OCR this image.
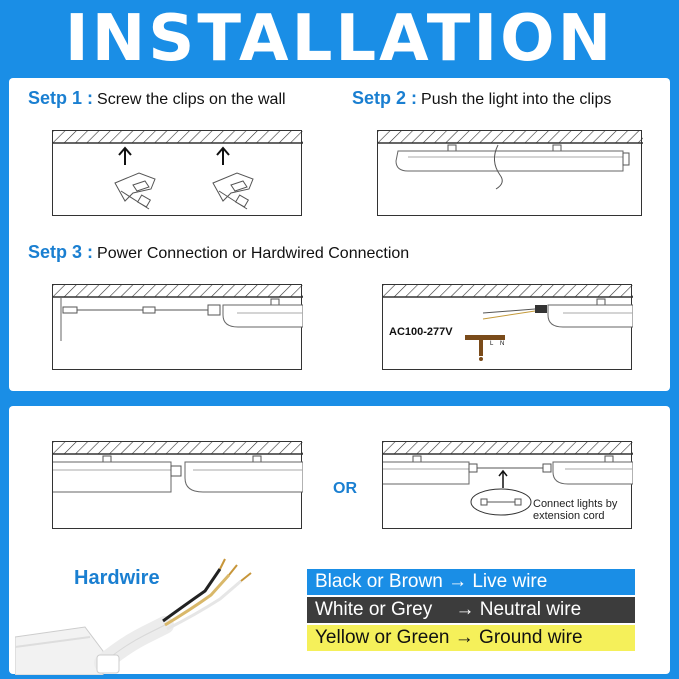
INSTALLATION
Setp 1 : Screw the clips on the wall	Setp 2 : Push the light into the clips
Setp 3 : Power Connection or Hardwired Connection
AC100-277V
L N
OR
Connect lights by
extension cord
Hardwire	Black or Brown → Live wire
White or Grey → Neutral wire
Yellow or Green → Ground wire
